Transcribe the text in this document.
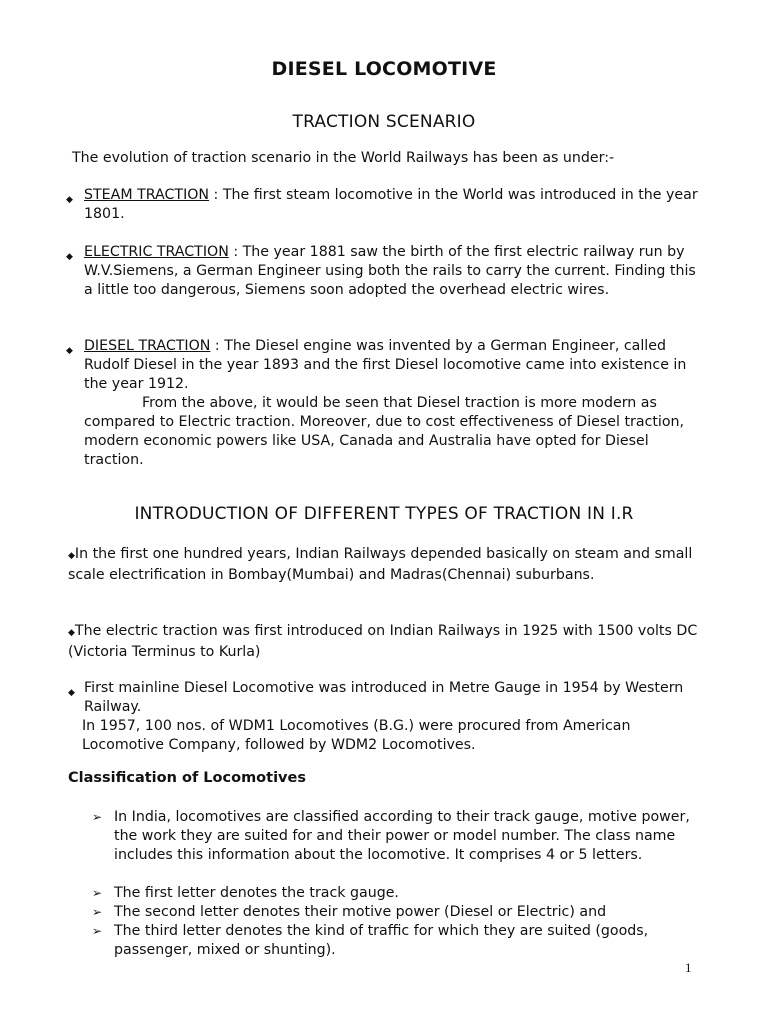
DIESEL LOCOMOTIVE
TRACTION SCENARIO
The evolution of traction scenario in the World Railways has been as under:-
◆ STEAM TRACTION : The first steam locomotive in the World was introduced in the year 1801.
◆ ELECTRIC TRACTION : The year 1881 saw the birth of the first electric railway run by W.V.Siemens, a German Engineer using both the rails to carry the current. Finding this a little too dangerous, Siemens soon adopted the overhead electric wires.
◆ DIESEL TRACTION : The Diesel engine was invented by a German Engineer, called Rudolf Diesel in the year 1893 and the first Diesel locomotive came into existence in the year 1912.
From the above, it would be seen that Diesel traction is more modern as compared to Electric traction. Moreover, due to cost effectiveness of Diesel traction, modern economic powers like USA, Canada and Australia have opted for Diesel traction.
INTRODUCTION OF DIFFERENT TYPES OF TRACTION IN I.R
◆In the first one hundred years, Indian Railways depended basically on steam and small scale electrification in Bombay(Mumbai) and Madras(Chennai) suburbans.
◆The electric traction was first introduced on Indian Railways in 1925 with 1500 volts DC (Victoria Terminus to Kurla)
◆ First mainline Diesel Locomotive was introduced in Metre Gauge in 1954 by Western Railway.
In 1957, 100 nos. of WDM1 Locomotives (B.G.) were procured from American Locomotive Company, followed by WDM2 Locomotives.
Classification of Locomotives
➢ In India, locomotives are classified according to their track gauge, motive power, the work they are suited for and their power or model number. The class name includes this information about the locomotive. It comprises 4 or 5 letters.
➢ The first letter denotes the track gauge.
➢ The second letter denotes their motive power (Diesel or Electric) and
➢ The third letter denotes the kind of traffic for which they are suited (goods, passenger, mixed or shunting).
1
